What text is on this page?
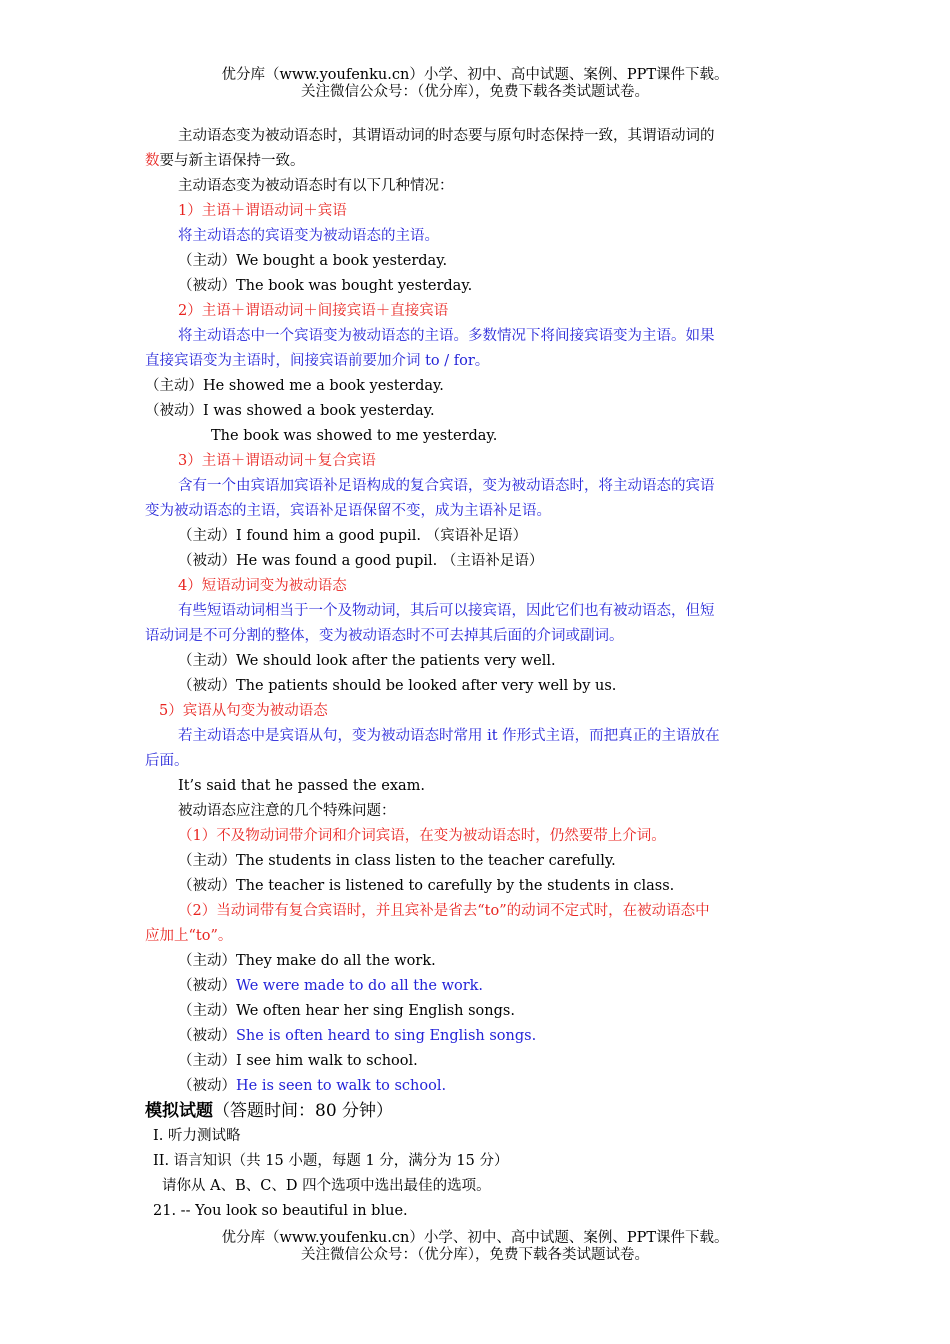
优分库（www.youfenku.cn）小学、初中、高中试题、案例、PPT课件下载。
关注微信公众号：（优分库），免费下载各类试题试卷。
主动语态变为被动语态时，其谓语动词的时态要与原句时态保持一致，其谓语动词的
数要与新主语保持一致。
主动语态变为被动语态时有以下几种情况：
1）主语＋谓语动词＋宾语
将主动语态的宾语变为被动语态的主语。
（主动）We bought a book yesterday.
（被动）The book was bought yesterday.
2）主语＋谓语动词＋间接宾语＋直接宾语
将主动语态中一个宾语变为被动语态的主语。多数情况下将间接宾语变为主语。如果
直接宾语变为主语时，间接宾语前要加介词 to / for。
（主动）He showed me a book yesterday.
（被动）I was showed a book yesterday.
The book was showed to me yesterday.
3）主语＋谓语动词＋复合宾语
含有一个由宾语加宾语补足语构成的复合宾语，变为被动语态时，将主动语态的宾语
变为被动语态的主语，宾语补足语保留不变，成为主语补足语。
（主动）I found him a good pupil. （宾语补足语）
（被动）He was found a good pupil. （主语补足语）
4）短语动词变为被动语态
有些短语动词相当于一个及物动词，其后可以接宾语，因此它们也有被动语态，但短
语动词是不可分割的整体，变为被动语态时不可去掉其后面的介词或副词。
（主动）We should look after the patients very well.
（被动）The patients should be looked after very well by us.
5）宾语从句变为被动语态
若主动语态中是宾语从句，变为被动语态时常用 it 作形式主语，而把真正的主语放在
后面。
It’s said that he passed the exam.
被动语态应注意的几个特殊问题：
（1）不及物动词带介词和介词宾语，在变为被动语态时，仍然要带上介词。
（主动）The students in class listen to the teacher carefully.
（被动）The teacher is listened to carefully by the students in class.
（2）当动词带有复合宾语时，并且宾补是省去“to”的动词不定式时，在被动语态中
应加上“to”。
（主动）They make do all the work.
（被动）We were made to do all the work.
（主动）We often hear her sing English songs.
（被动）She is often heard to sing English songs.
（主动）I see him walk to school.
（被动）He is seen to walk to school.
模拟试题（答题时间：80 分钟）
I. 听力测试略
II. 语言知识（共 15 小题，每题 1 分，满分为 15 分）
请你从 A、B、C、D 四个选项中选出最佳的选项。
21. -- You look so beautiful in blue.
优分库（www.youfenku.cn）小学、初中、高中试题、案例、PPT课件下载。
关注微信公众号：（优分库），免费下载各类试题试卷。
